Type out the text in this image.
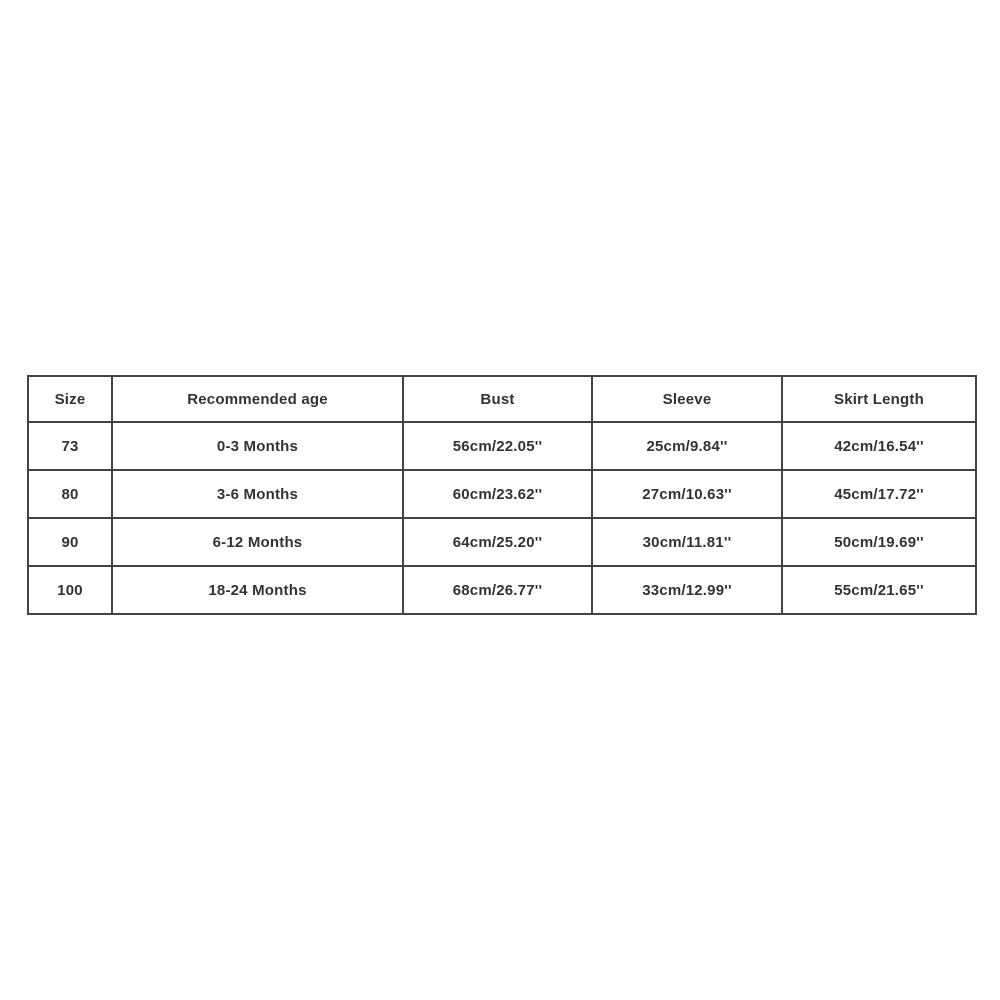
Size	Recommended age	Bust	Sleeve	Skirt Length
73	0-3 Months	56cm/22.05''	25cm/9.84''	42cm/16.54''
80	3-6 Months	60cm/23.62''	27cm/10.63''	45cm/17.72''
90	6-12 Months	64cm/25.20''	30cm/11.81''	50cm/19.69''
100	18-24 Months	68cm/26.77''	33cm/12.99''	55cm/21.65''
